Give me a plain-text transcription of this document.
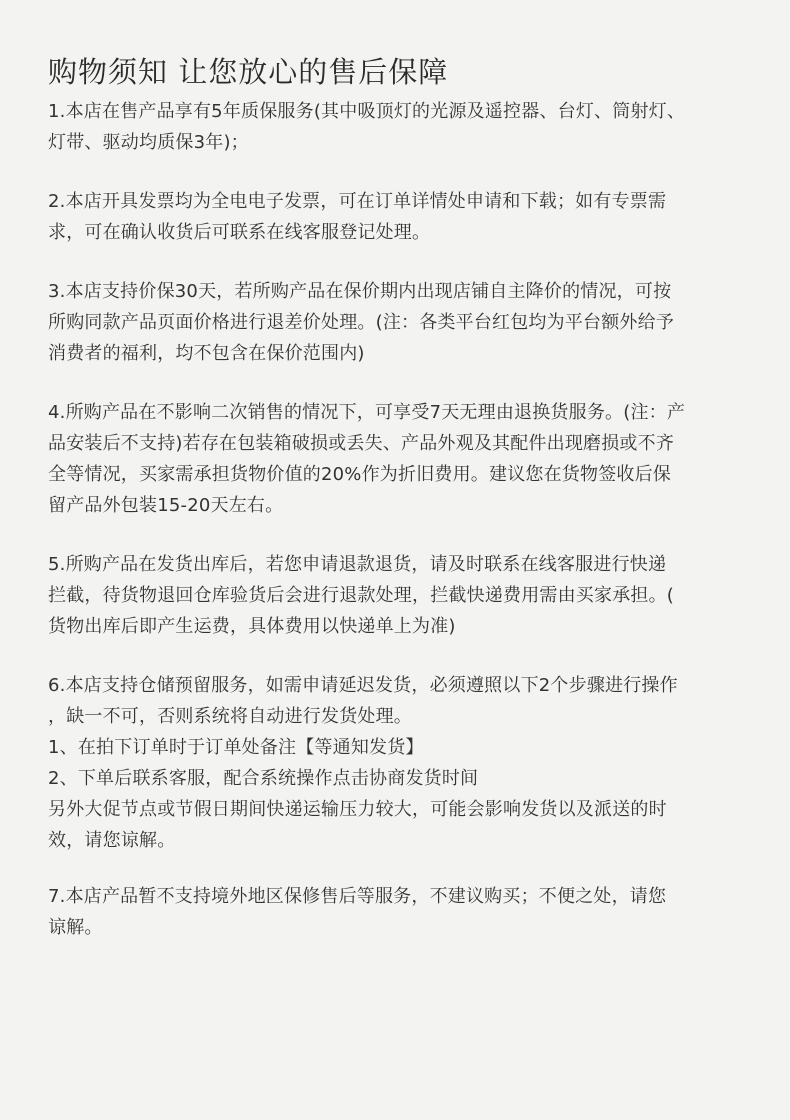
购物须知 让您放心的售后保障

1.本店在售产品享有5年质保服务(其中吸顶灯的光源及遥控器、台灯、筒射灯、
灯带、驱动均质保3年)；

2.本店开具发票均为全电电子发票，可在订单详情处申请和下载；如有专票需
求，可在确认收货后可联系在线客服登记处理。

3.本店支持价保30天，若所购产品在保价期内出现店铺自主降价的情况，可按
所购同款产品页面价格进行退差价处理。(注：各类平台红包均为平台额外给予
消费者的福利，均不包含在保价范围内)

4.所购产品在不影响二次销售的情况下，可享受7天无理由退换货服务。(注：产
品安装后不支持)若存在包装箱破损或丢失、产品外观及其配件出现磨损或不齐
全等情况，买家需承担货物价值的20%作为折旧费用。建议您在货物签收后保
留产品外包装15-20天左右。

5.所购产品在发货出库后，若您申请退款退货，请及时联系在线客服进行快递
拦截，待货物退回仓库验货后会进行退款处理，拦截快递费用需由买家承担。(
货物出库后即产生运费，具体费用以快递单上为准)

6.本店支持仓储预留服务，如需申请延迟发货，必须遵照以下2个步骤进行操作
，缺一不可，否则系统将自动进行发货处理。
1、在拍下订单时于订单处备注【等通知发货】
2、下单后联系客服，配合系统操作点击协商发货时间
另外大促节点或节假日期间快递运输压力较大，可能会影响发货以及派送的时
效，请您谅解。

7.本店产品暂不支持境外地区保修售后等服务，不建议购买；不便之处，请您
谅解。
